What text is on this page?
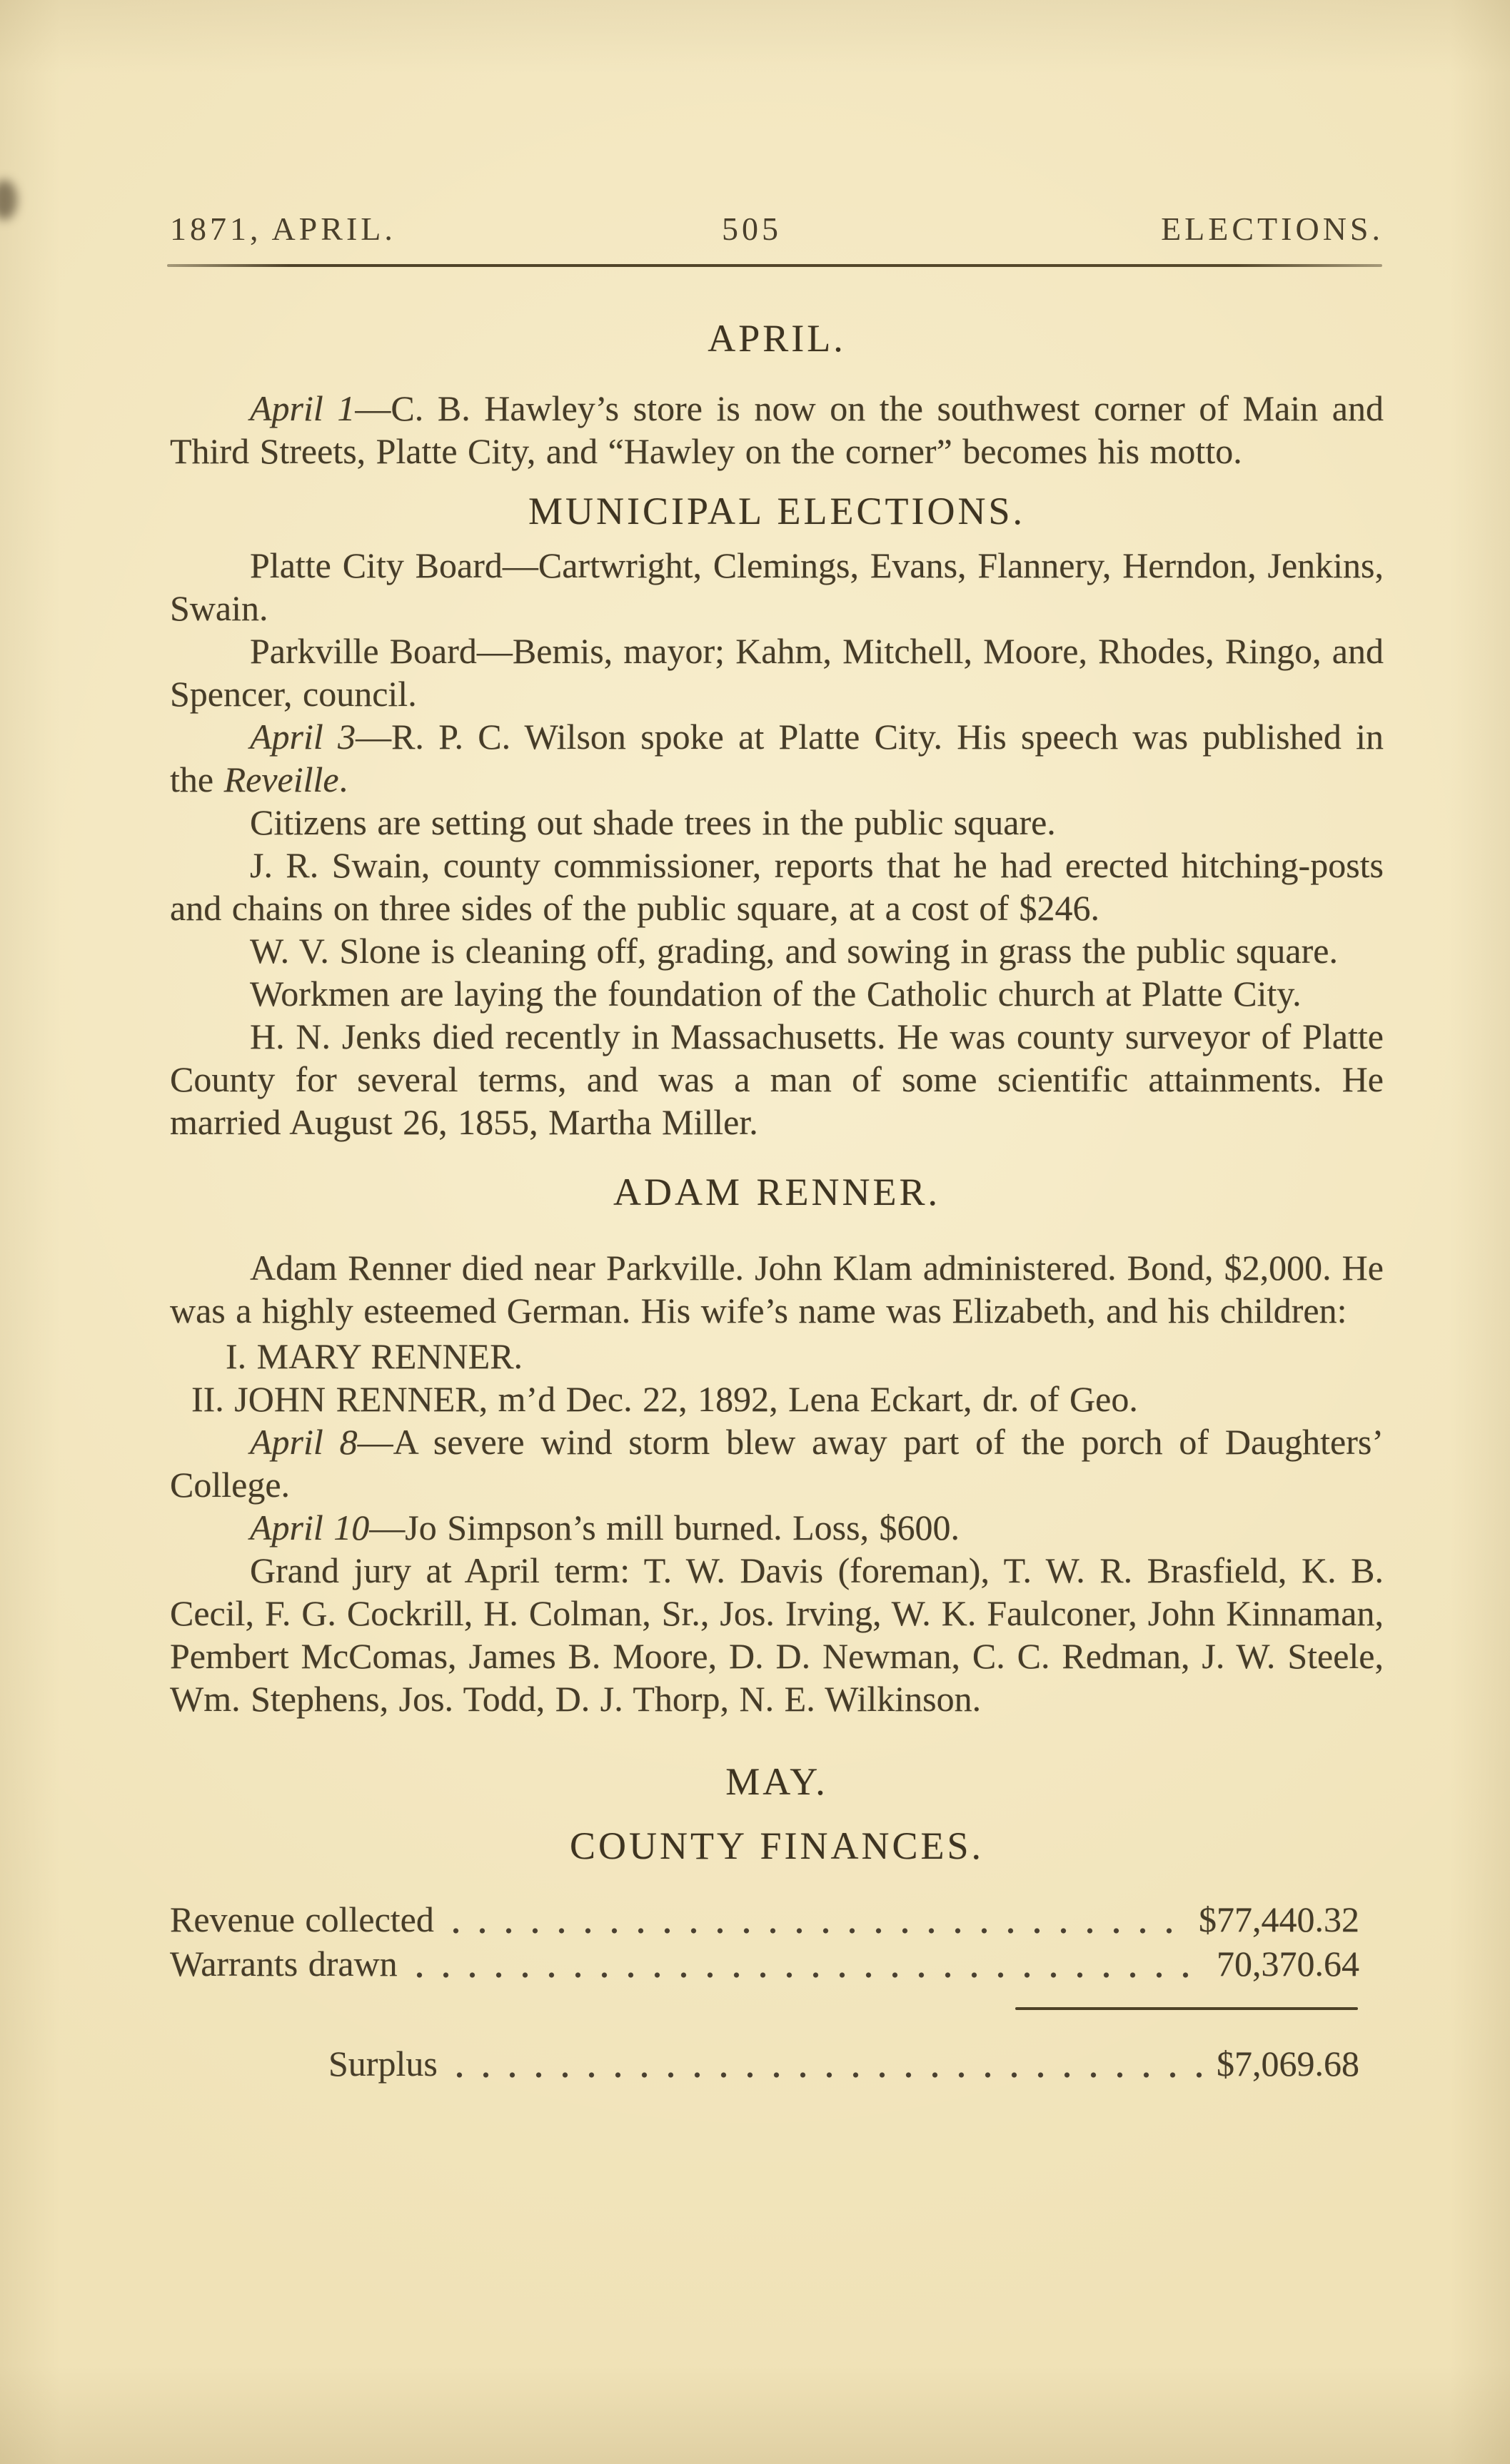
1871, APRIL.	505	ELECTIONS.
APRIL.

April 1—C. B. Hawley’s store is now on the southwest corner of Main and Third Streets, Platte City, and “Hawley on the corner” becomes his motto.

MUNICIPAL ELECTIONS.

Platte City Board—Cartwright, Clemings, Evans, Flannery, Herndon, Jenkins, Swain.

Parkville Board—Bemis, mayor; Kahm, Mitchell, Moore, Rhodes, Ringo, and Spencer, council.

April 3—R. P. C. Wilson spoke at Platte City. His speech was published in the Reveille.

Citizens are setting out shade trees in the public square.

J. R. Swain, county commissioner, reports that he had erected hitching-posts and chains on three sides of the public square, at a cost of $246.

W. V. Slone is cleaning off, grading, and sowing in grass the public square.

Workmen are laying the foundation of the Catholic church at Platte City.

H. N. Jenks died recently in Massachusetts. He was county surveyor of Platte County for several terms, and was a man of some scientific attainments. He married August 26, 1855, Martha Miller.

ADAM RENNER.

Adam Renner died near Parkville. John Klam administered. Bond, $2,000. He was a highly esteemed German. His wife’s name was Elizabeth, and his children:

I. MARY RENNER.

II. JOHN RENNER, m’d Dec. 22, 1892, Lena Eckart, dr. of Geo.

April 8—A severe wind storm blew away part of the porch of Daughters’ College.

April 10—Jo Simpson’s mill burned. Loss, $600.

Grand jury at April term: T. W. Davis (foreman), T. W. R. Brasfield, K. B. Cecil, F. G. Cockrill, H. Colman, Sr., Jos. Irving, W. K. Faulconer, John Kinnaman, Pembert McComas, James B. Moore, D. D. Newman, C. C. Redman, J. W. Steele, Wm. Stephens, Jos. Todd, D. J. Thorp, N. E. Wilkinson.

MAY.
COUNTY FINANCES.
Revenue collected	$77,440.32
Warrants drawn	70,370.64
Surplus	$7,069.68
